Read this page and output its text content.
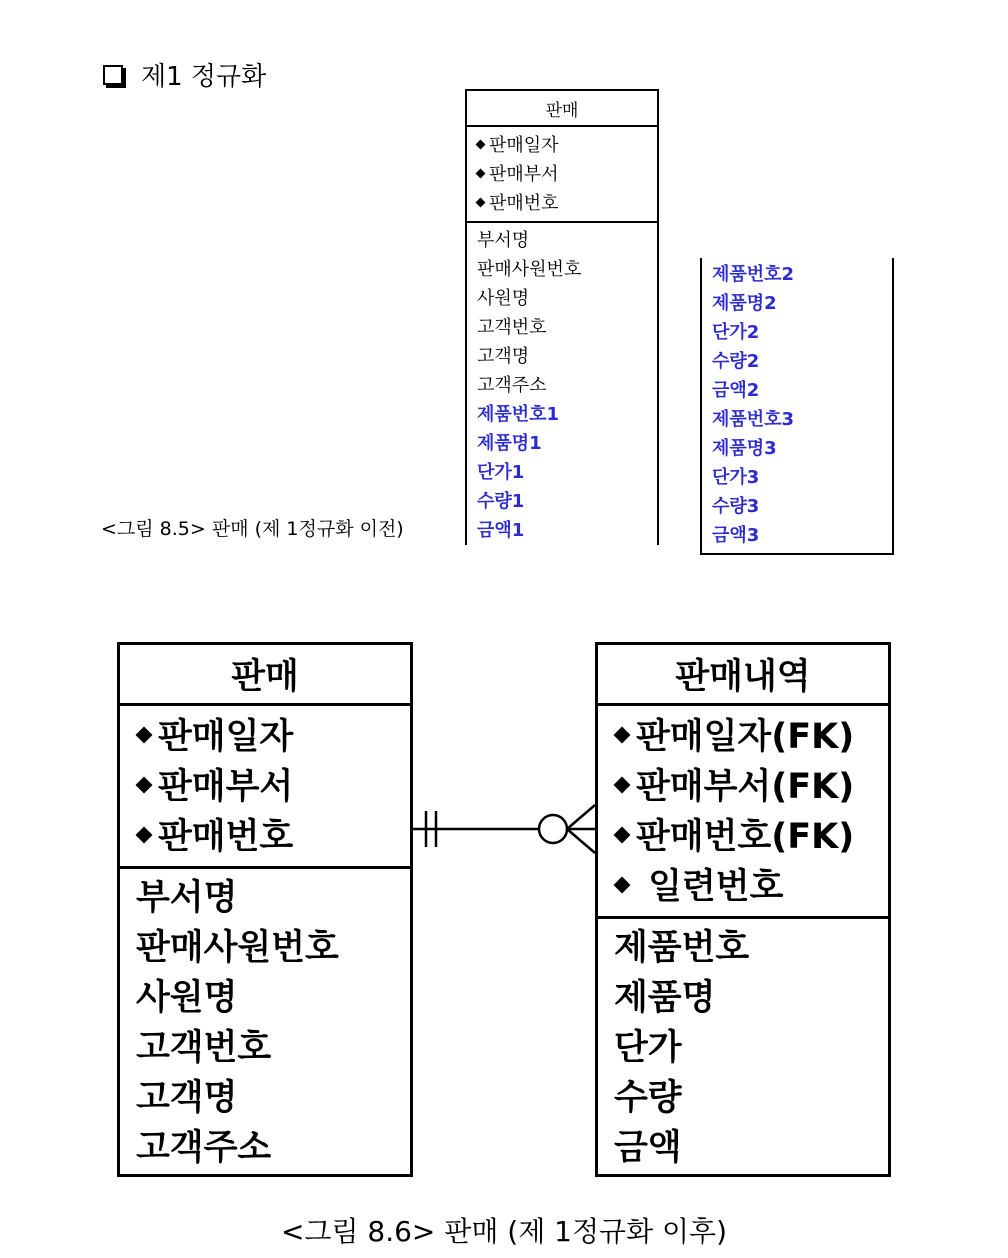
제1 정규화
판매
판매일자
판매부서
판매번호
부서명
판매사원번호
사원명
고객번호
고객명
고객주소
제품번호1
제품명1
단가1
수량1
금액1
제품번호2
제품명2
단가2
수량2
금액2
제품번호3
제품명3
단가3
수량3
금액3
<그림 8.5> 판매 (제 1정규화 이전)
판매
판매일자
판매부서
판매번호
부서명
판매사원번호
사원명
고객번호
고객명
고객주소
판매내역
판매일자(FK)
판매부서(FK)
판매번호(FK)
일련번호
제품번호
제품명
단가
수량
금액
<그림 8.6> 판매 (제 1정규화 이후)
